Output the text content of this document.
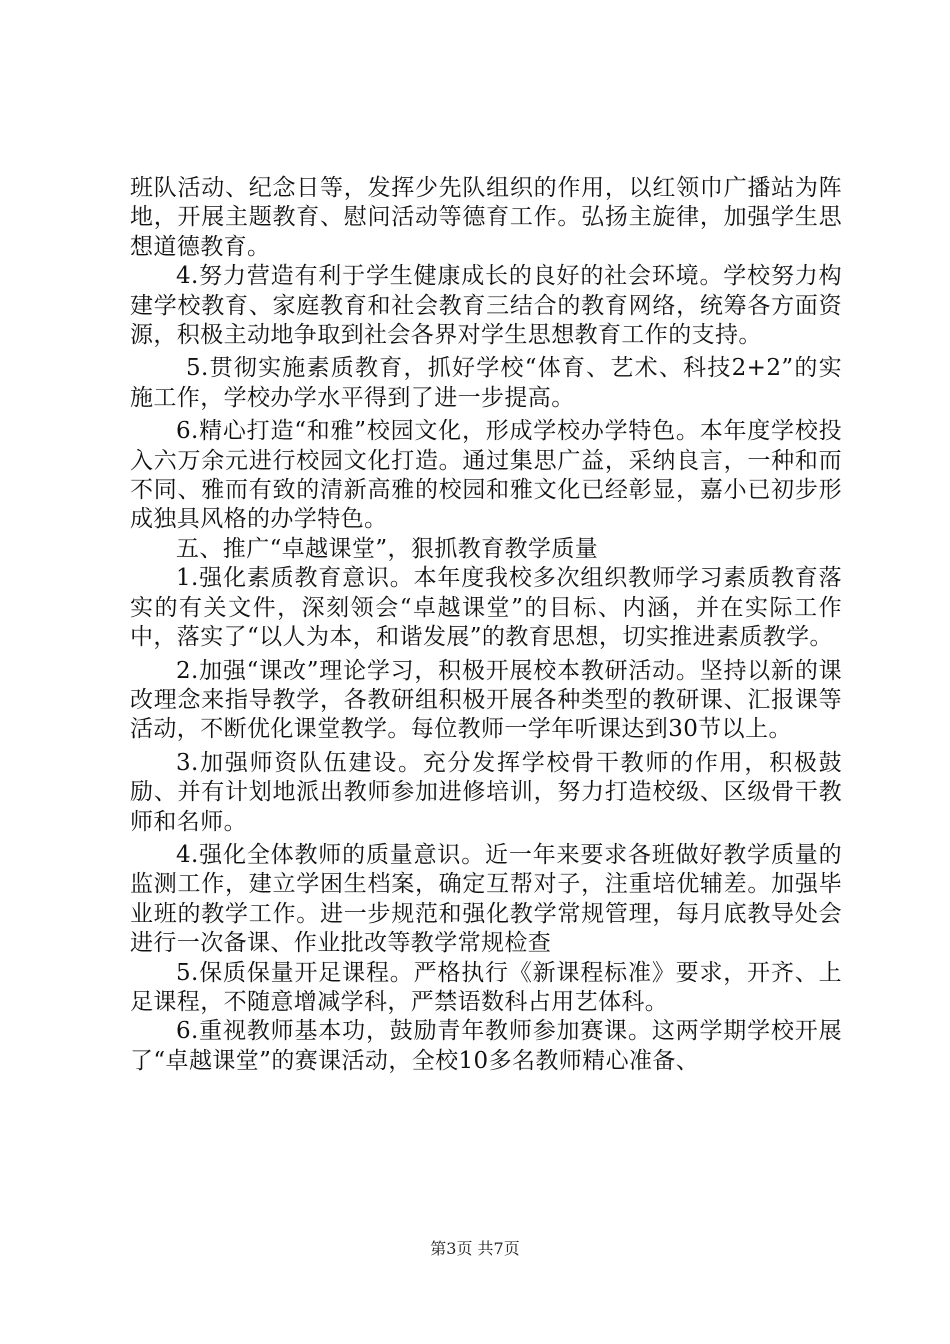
班队活动、纪念日等，发挥少先队组织的作用，以红领巾广播站为阵地，开展主题教育、慰问活动等德育工作。弘扬主旋律，加强学生思想道德教育。

4.努力营造有利于学生健康成长的良好的社会环境。学校努力构建学校教育、家庭教育和社会教育三结合的教育网络，统筹各方面资源，积极主动地争取到社会各界对学生思想教育工作的支持。

5.贯彻实施素质教育，抓好学校“体育、艺术、科技2+2”的实施工作，学校办学水平得到了进一步提高。

6.精心打造“和雅”校园文化，形成学校办学特色。本年度学校投入六万余元进行校园文化打造。通过集思广益，采纳良言，一种和而不同、雅而有致的清新高雅的校园和雅文化已经彰显，嘉小已初步形成独具风格的办学特色。

五、推广“卓越课堂”，狠抓教育教学质量

1.强化素质教育意识。本年度我校多次组织教师学习素质教育落实的有关文件，深刻领会“卓越课堂”的目标、内涵，并在实际工作中，落实了“以人为本，和谐发展”的教育思想，切实推进素质教学。

2.加强“课改”理论学习，积极开展校本教研活动。坚持以新的课改理念来指导教学，各教研组积极开展各种类型的教研课、汇报课等活动，不断优化课堂教学。每位教师一学年听课达到30节以上。

3.加强师资队伍建设。充分发挥学校骨干教师的作用，积极鼓励、并有计划地派出教师参加进修培训，努力打造校级、区级骨干教师和名师。

4.强化全体教师的质量意识。近一年来要求各班做好教学质量的监测工作，建立学困生档案，确定互帮对子，注重培优辅差。加强毕业班的教学工作。进一步规范和强化教学常规管理，每月底教导处会进行一次备课、作业批改等教学常规检查

5.保质保量开足课程。严格执行《新课程标准》要求，开齐、上足课程，不随意增减学科，严禁语数科占用艺体科。

6.重视教师基本功，鼓励青年教师参加赛课。这两学期学校开展了“卓越课堂”的赛课活动，全校10多名教师精心准备、

第3页 共7页
